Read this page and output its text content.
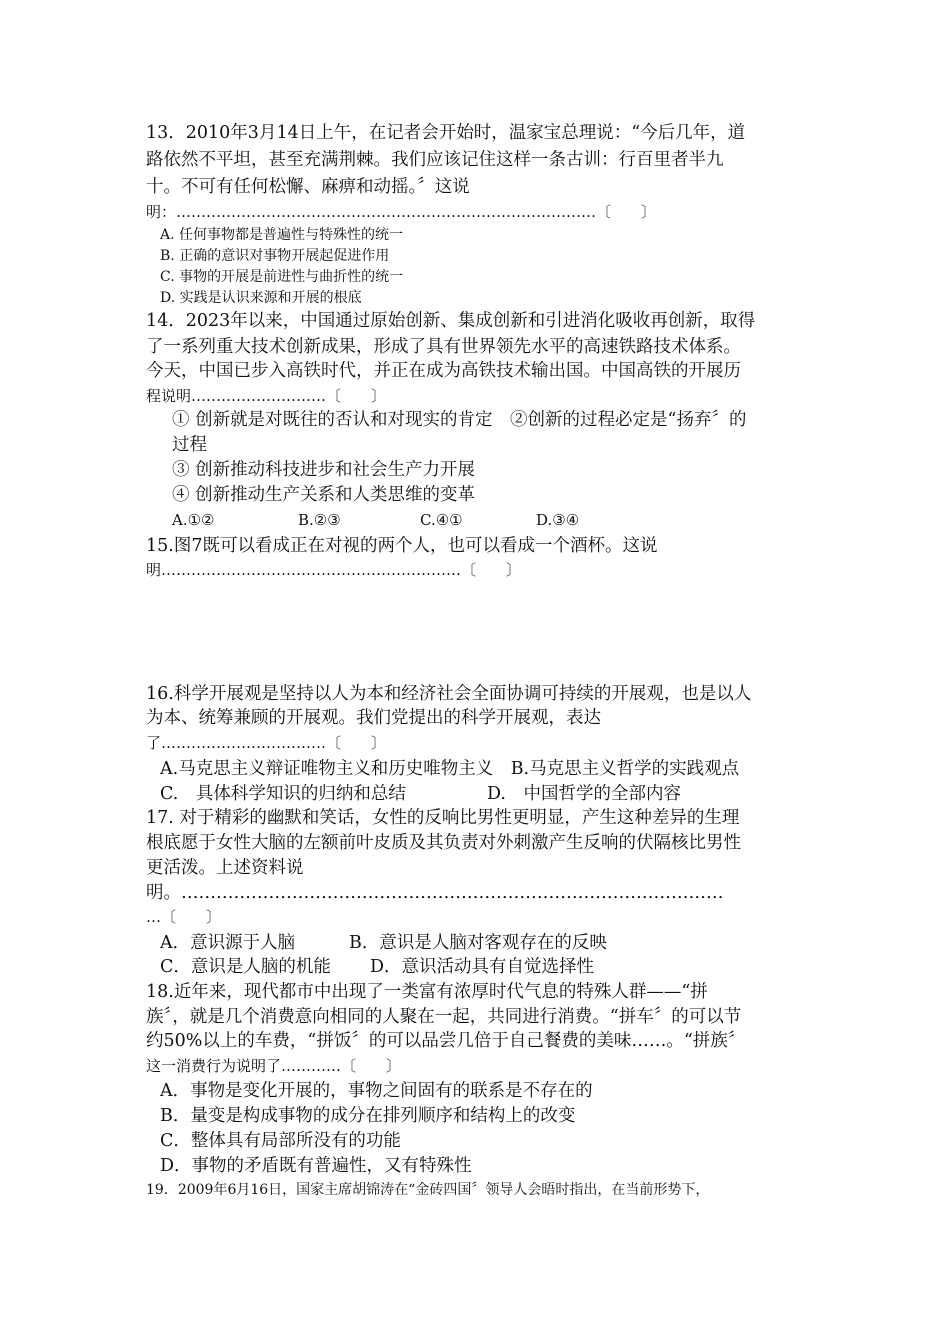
13．2010年3月14日上午，在记者会开始时，温家宝总理说：“今后几年，道
路依然不平坦，甚至充满荆棘。我们应该记住这样一条古训：行百里者半九
十。不可有任何松懈、麻痹和动摇。〞这说
明：…………………………………………………………………………〔　　〕
A. 任何事物都是普遍性与特殊性的统一
B. 正确的意识对事物开展起促进作用
C. 事物的开展是前进性与曲折性的统一
D. 实践是认识来源和开展的根底
14．2023年以来，中国通过原始创新、集成创新和引进消化吸收再创新，取得
了一系列重大技术创新成果，形成了具有世界领先水平的高速铁路技术体系。
今天，中国已步入高铁时代，并正在成为高铁技术输出国。中国高铁的开展历
程说明………………………〔　　〕
① 创新就是对既往的否认和对现实的肯定　②创新的过程必定是“扬弃〞的
过程
③ 创新推动科技进步和社会生产力开展
④ 创新推动生产关系和人类思维的变革
A.①②	B.②③	C.④①	D.③④
15.图7既可以看成正在对视的两个人，也可以看成一个酒杯。这说
明……………………………………………………〔　　〕
16.科学开展观是坚持以人为本和经济社会全面协调可持续的开展观，也是以人
为本、统筹兼顾的开展观。我们党提出的科学开展观，表达
了……………………………〔　　〕
A.马克思主义辩证唯物主义和历史唯物主义　B.马克思主义哲学的实践观点
C.　具体科学知识的归纳和总结	D.　中国哲学的全部内容
17. 对于精彩的幽默和笑话，女性的反响比男性更明显，产生这种差异的生理
根底愿于女性大脑的左额前叶皮质及其负责对外刺激产生反响的伏隔核比男性
更活泼。上述资料说
明。…………………………………………………………………………………
…〔　　〕
A．意识源于人脑	B．意识是人脑对客观存在的反映
C．意识是人脑的机能 D．意识活动具有自觉选择性
18.近年来，现代都市中出现了一类富有浓厚时代气息的特殊人群——“拼
族〞，就是几个消费意向相同的人聚在一起，共同进行消费。“拼车〞的可以节
约50%以上的车费，“拼饭〞的可以品尝几倍于自己餐费的美味……。“拼族〞
这一消费行为说明了…………〔　　〕
A．事物是变化开展的，事物之间固有的联系是不存在的
B．量变是构成事物的成分在排列顺序和结构上的改变
C．整体具有局部所没有的功能
D．事物的矛盾既有普遍性，又有特殊性
19．2009年6月16日，国家主席胡锦涛在“金砖四国〞领导人会晤时指出，在当前形势下，
